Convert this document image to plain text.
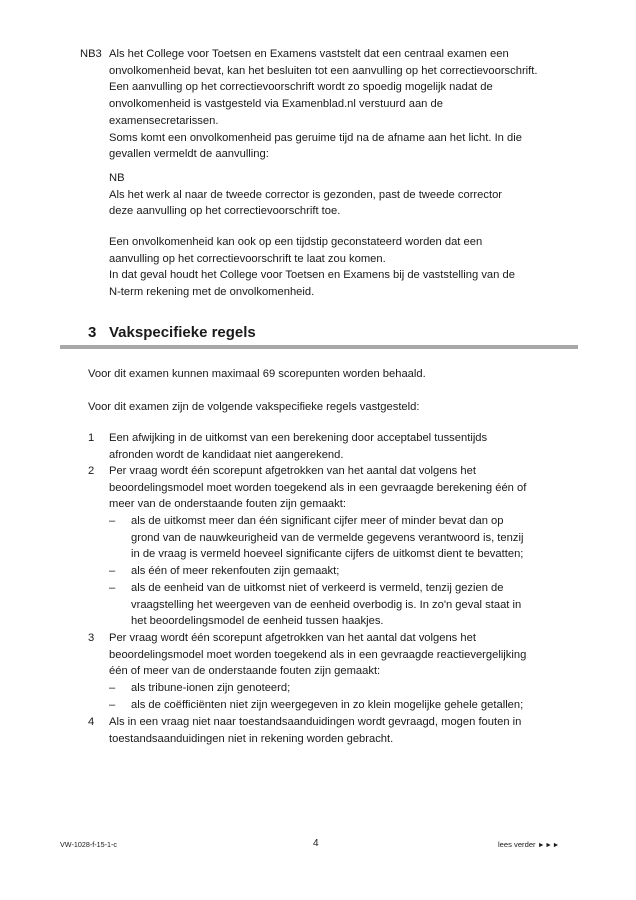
NB3 Als het College voor Toetsen en Examens vaststelt dat een centraal examen een
onvolkomenheid bevat, kan het besluiten tot een aanvulling op het correctievoorschrift.
Een aanvulling op het correctievoorschrift wordt zo spoedig mogelijk nadat de
onvolkomenheid is vastgesteld via Examenblad.nl verstuurd aan de
examensecretarissen.
Soms komt een onvolkomenheid pas geruime tijd na de afname aan het licht. In die
gevallen vermeldt de aanvulling:
NB
Als het werk al naar de tweede corrector is gezonden, past de tweede corrector
deze aanvulling op het correctievoorschrift toe.
Een onvolkomenheid kan ook op een tijdstip geconstateerd worden dat een
aanvulling op het correctievoorschrift te laat zou komen.
In dat geval houdt het College voor Toetsen en Examens bij de vaststelling van de
N-term rekening met de onvolkomenheid.
3 Vakspecifieke regels
Voor dit examen kunnen maximaal 69 scorepunten worden behaald.
Voor dit examen zijn de volgende vakspecifieke regels vastgesteld:
1 Een afwijking in de uitkomst van een berekening door acceptabel tussentijds
afronden wordt de kandidaat niet aangerekend.
2 Per vraag wordt één scorepunt afgetrokken van het aantal dat volgens het
beoordelingsmodel moet worden toegekend als in een gevraagde berekening één of
meer van de onderstaande fouten zijn gemaakt:
– als de uitkomst meer dan één significant cijfer meer of minder bevat dan op
grond van de nauwkeurigheid van de vermelde gegevens verantwoord is, tenzij
in de vraag is vermeld hoeveel significante cijfers de uitkomst dient te bevatten;
– als één of meer rekenfouten zijn gemaakt;
– als de eenheid van de uitkomst niet of verkeerd is vermeld, tenzij gezien de
vraagstelling het weergeven van de eenheid overbodig is. In zo'n geval staat in
het beoordelingsmodel de eenheid tussen haakjes.
3 Per vraag wordt één scorepunt afgetrokken van het aantal dat volgens het
beoordelingsmodel moet worden toegekend als in een gevraagde reactievergelijking
één of meer van de onderstaande fouten zijn gemaakt:
– als tribune-ionen zijn genoteerd;
– als de coëfficiënten niet zijn weergegeven in zo klein mogelijke gehele getallen;
4 Als in een vraag niet naar toestandsaanduidingen wordt gevraagd, mogen fouten in
toestandsaanduidingen niet in rekening worden gebracht.
VW-1028-f-15-1-c	4	lees verder ►►►
